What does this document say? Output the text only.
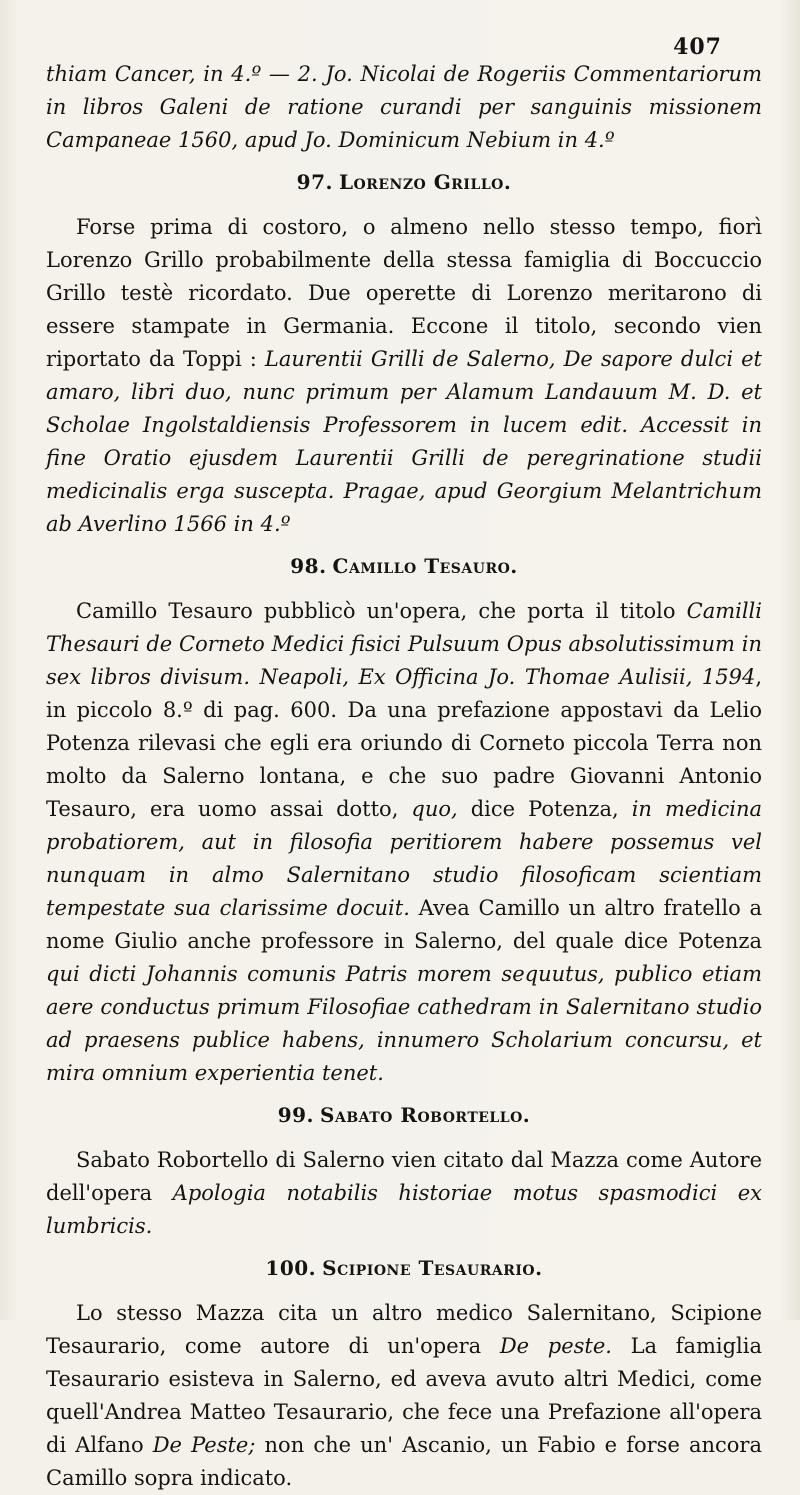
407

thiam Cancer, in 4.º — 2. Jo. Nicolai de Rogeriis Commentariorum in libros Galeni de ratione curandi per sanguinis missionem Campaneae 1560, apud Jo. Dominicum Nebium in 4.º

97. Lorenzo Grillo.

Forse prima di costoro, o almeno nello stesso tempo, fiorì Lorenzo Grillo probabilmente della stessa famiglia di Boccuccio Grillo testè ricordato. Due operette di Lorenzo meritarono di essere stampate in Germania. Eccone il titolo, secondo vien riportato da Toppi : Laurentii Grilli de Salerno, De sapore dulci et amaro, libri duo, nunc primum per Alamum Landauum M. D. et Scholae Ingolstaldiensis Professorem in lucem edit. Accessit in fine Oratio ejusdem Laurentii Grilli de peregrinatione studii medicinalis erga suscepta. Pragae, apud Georgium Melantrichum ab Averlino 1566 in 4.º

98. Camillo Tesauro.

Camillo Tesauro pubblicò un'opera, che porta il titolo Camilli Thesauri de Corneto Medici fisici Pulsuum Opus absolutissimum in sex libros divisum. Neapoli, Ex Officina Jo. Thomae Aulisii, 1594, in piccolo 8.º di pag. 600. Da una prefazione appostavi da Lelio Potenza rilevasi che egli era oriundo di Corneto piccola Terra non molto da Salerno lontana, e che suo padre Giovanni Antonio Tesauro, era uomo assai dotto, quo, dice Potenza, in medicina probatiorem, aut in filosofia peritiorem habere possemus vel nunquam in almo Salernitano studio filosoficam scientiam tempestate sua clarissime docuit. Avea Camillo un altro fratello a nome Giulio anche professore in Salerno, del quale dice Potenza qui dicti Johannis comunis Patris morem sequutus, publico etiam aere conductus primum Filosofiae cathedram in Salernitano studio ad praesens publice habens, innumero Scholarium concursu, et mira omnium experientia tenet.

99. Sabato Robortello.

Sabato Robortello di Salerno vien citato dal Mazza come Autore dell'opera Apologia notabilis historiae motus spasmodici ex lumbricis.

100. Scipione Tesaurario.

Lo stesso Mazza cita un altro medico Salernitano, Scipione Tesaurario, come autore di un'opera De peste. La famiglia Tesaurario esisteva in Salerno, ed aveva avuto altri Medici, come quell'Andrea Matteo Tesaurario, che fece una Prefazione all'opera di Alfano De Peste; non che un' Ascanio, un Fabio e forse ancora Camillo sopra indicato.
